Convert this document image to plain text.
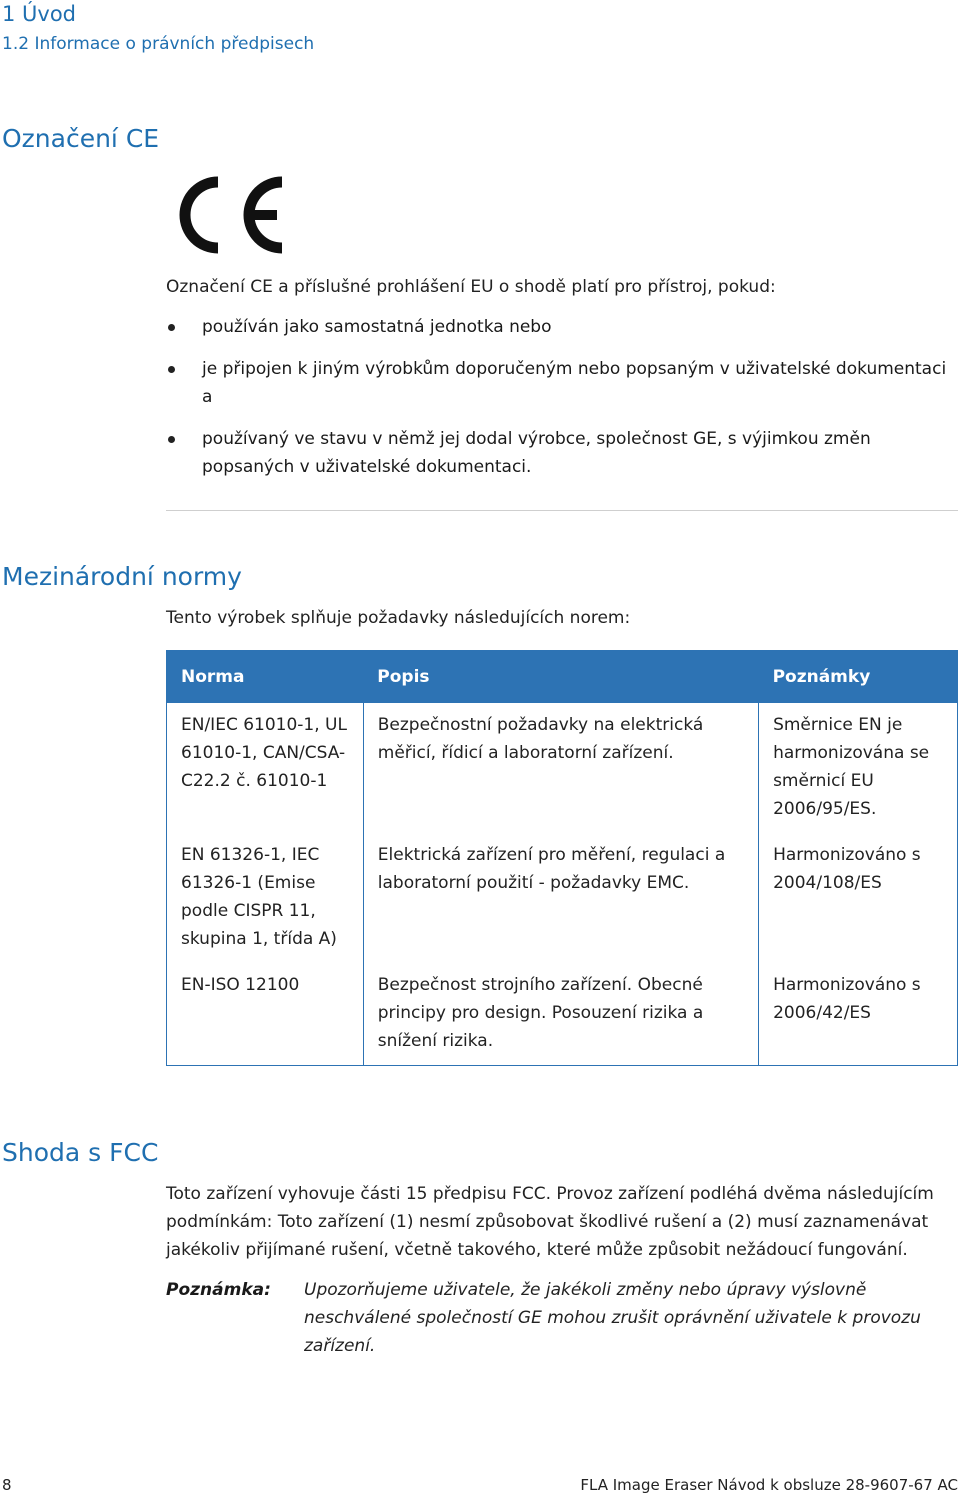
1 Úvod
1.2 Informace o právních předpisech
Označení CE
Označení CE a příslušné prohlášení EU o shodě platí pro přístroj, pokud:
používán jako samostatná jednotka nebo
je připojen k jiným výrobkům doporučeným nebo popsaným v uživatelské dokumentaci a
používaný ve stavu v němž jej dodal výrobce, společnost GE, s výjimkou změn popsaných v uživatelské dokumentaci.
Mezinárodní normy
Tento výrobek splňuje požadavky následujících norem:
Norma	Popis	Poznámky
EN/IEC 61010-1, UL 61010-1, CAN/CSA-C22.2 č. 61010-1	Bezpečnostní požadavky na elektrická měřicí, řídicí a laboratorní zařízení.	Směrnice EN je harmonizována se směrnicí EU 2006/95/ES.
EN 61326-1, IEC 61326-1 (Emise podle CISPR 11, skupina 1, třída A)	Elektrická zařízení pro měření, regulaci a laboratorní použití - požadavky EMC.	Harmonizováno s 2004/108/ES
EN-ISO 12100	Bezpečnost strojního zařízení. Obecné principy pro design. Posouzení rizika a snížení rizika.	Harmonizováno s 2006/42/ES
Shoda s FCC
Toto zařízení vyhovuje části 15 předpisu FCC. Provoz zařízení podléhá dvěma následujícím podmínkám: Toto zařízení (1) nesmí způsobovat škodlivé rušení a (2) musí zaznamenávat jakékoliv přijímané rušení, včetně takového, které může způsobit nežádoucí fungování.
Poznámka: Upozorňujeme uživatele, že jakékoli změny nebo úpravy výslovně neschválené společností GE mohou zrušit oprávnění uživatele k provozu zařízení.
8	FLA Image Eraser Návod k obsluze 28-9607-67 AC
